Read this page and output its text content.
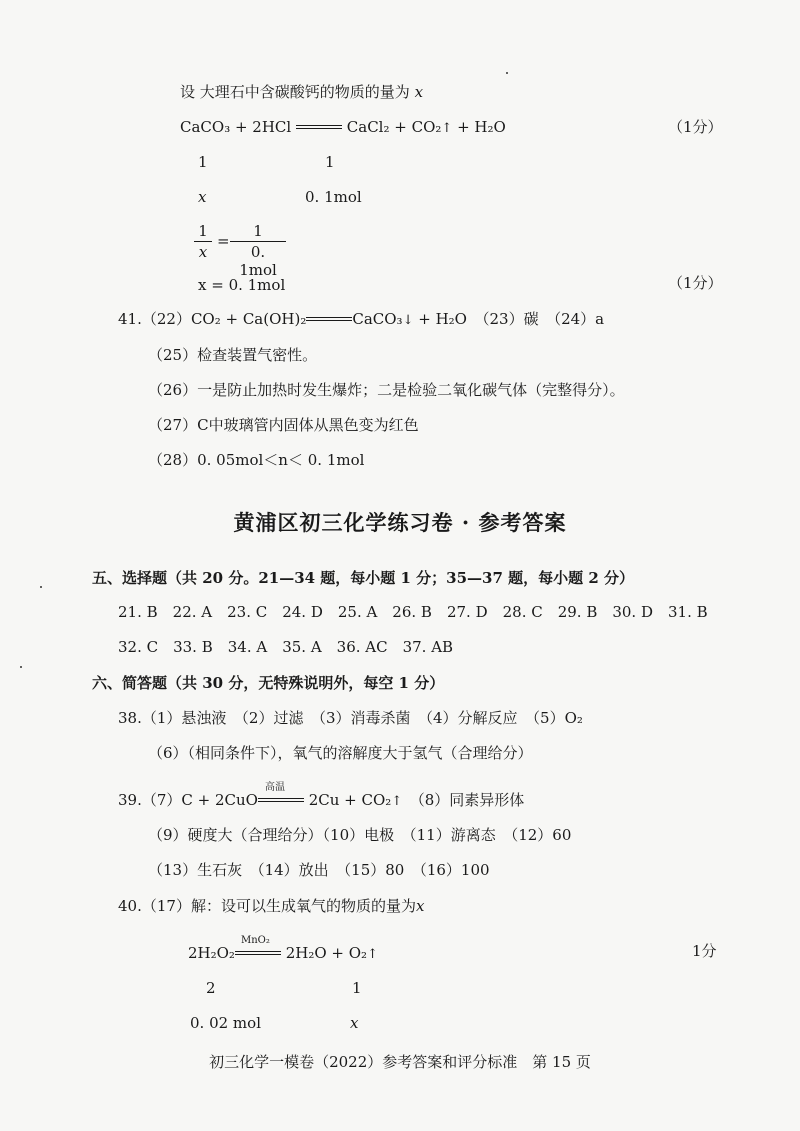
设 大理石中含碳酸钙的物质的量为 x
CaCO₃ + 2HCl	CaCl₂ + CO₂↑ + H₂O	（1分）
1	1
x	0. 1mol
1
x
=
1
0. 1mol
x = 0. 1mol	（1分）
41.（22）CO₂ + Ca(OH)₂	CaCO₃↓ + H₂O　（23）碳　（24）a
（25）检查装置气密性。
（26）一是防止加热时发生爆炸；二是检验二氧化碳气体（完整得分）。
（27）C中玻璃管内固体从黑色变为红色
（28）0. 05mol＜n＜ 0. 1mol
黄浦区初三化学练习卷 · 参考答案
五、选择题（共 20 分。21—34 题，每小题 1 分；35—37 题，每小题 2 分）
21. B　22. A　23. C　24. D　25. A　26. B　27. D　28. C　29. B　30. D　31. B
32. C　33. B　34. A　35. A　36. AC　37. AB
六、简答题（共 30 分，无特殊说明外，每空 1 分）
38.（1）悬浊液　（2）过滤　（3）消毒杀菌　（4）分解反应　（5）O₂
（6）（相同条件下），氧气的溶解度大于氢气（合理给分）
39.（7）C + 2CuO
高温
2Cu + CO₂↑　（8）同素异形体
（9）硬度大（合理给分）（10）电极　（11）游离态　（12）60
（13）生石灰　（14）放出　（15）80　（16）100
40.（17）解：设可以生成氧气的物质的量为x
2H₂O₂
MnO₂
2H₂O + O₂↑	1分
2	1
0. 02 mol	x
初三化学一模卷（2022）参考答案和评分标准　第 15 页
